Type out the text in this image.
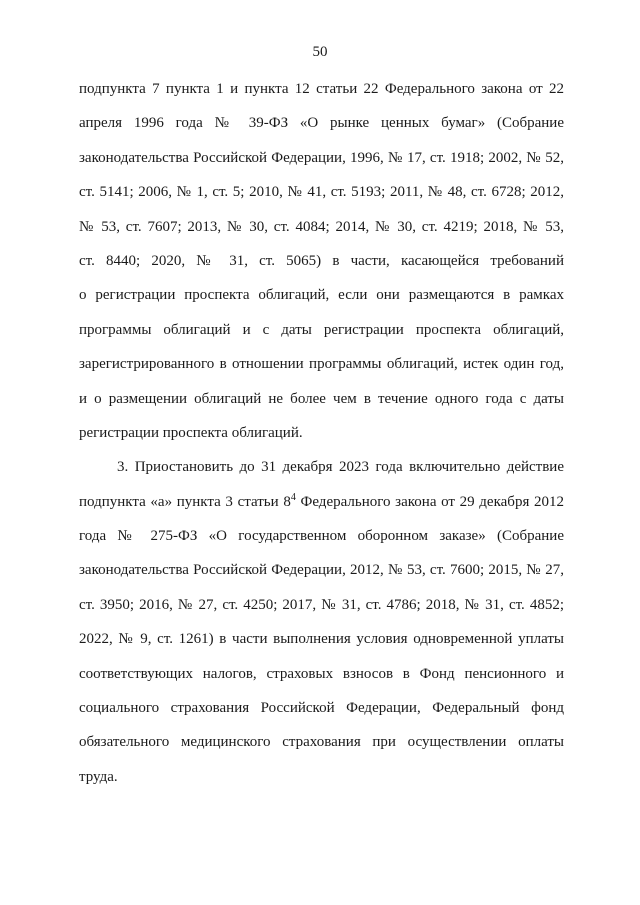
50
подпункта 7 пункта 1 и пункта 12 статьи 22 Федерального закона от 22
апреля 1996 года № 39-ФЗ «О рынке ценных бумаг» (Собрание
законодательства Российской Федерации, 1996, № 17, ст. 1918; 2002, № 52,
ст. 5141; 2006, № 1, ст. 5; 2010, № 41, ст. 5193; 2011, № 48, ст. 6728; 2012,
№ 53, ст. 7607; 2013, № 30, ст. 4084; 2014, № 30, ст. 4219; 2018, № 53,
ст. 8440; 2020, № 31, ст. 5065) в части, касающейся требований
о регистрации проспекта облигаций, если они размещаются в рамках
программы облигаций и с даты регистрации проспекта облигаций,
зарегистрированного в отношении программы облигаций, истек один год,
и о размещении облигаций не более чем в течение одного года с даты
регистрации проспекта облигаций.
3. Приостановить до 31 декабря 2023 года включительно действие
подпункта «а» пункта 3 статьи $8^4$ Федерального закона от 29 декабря 2012
года № 275-ФЗ «О государственном оборонном заказе» (Собрание
законодательства Российской Федерации, 2012, № 53, ст. 7600; 2015, № 27,
ст. 3950; 2016, № 27, ст. 4250; 2017, № 31, ст. 4786; 2018, № 31, ст. 4852;
2022, № 9, ст. 1261) в части выполнения условия одновременной уплаты
соответствующих налогов, страховых взносов в Фонд пенсионного и
социального страхования Российской Федерации, Федеральный фонд
обязательного медицинского страхования при осуществлении оплаты
труда.
